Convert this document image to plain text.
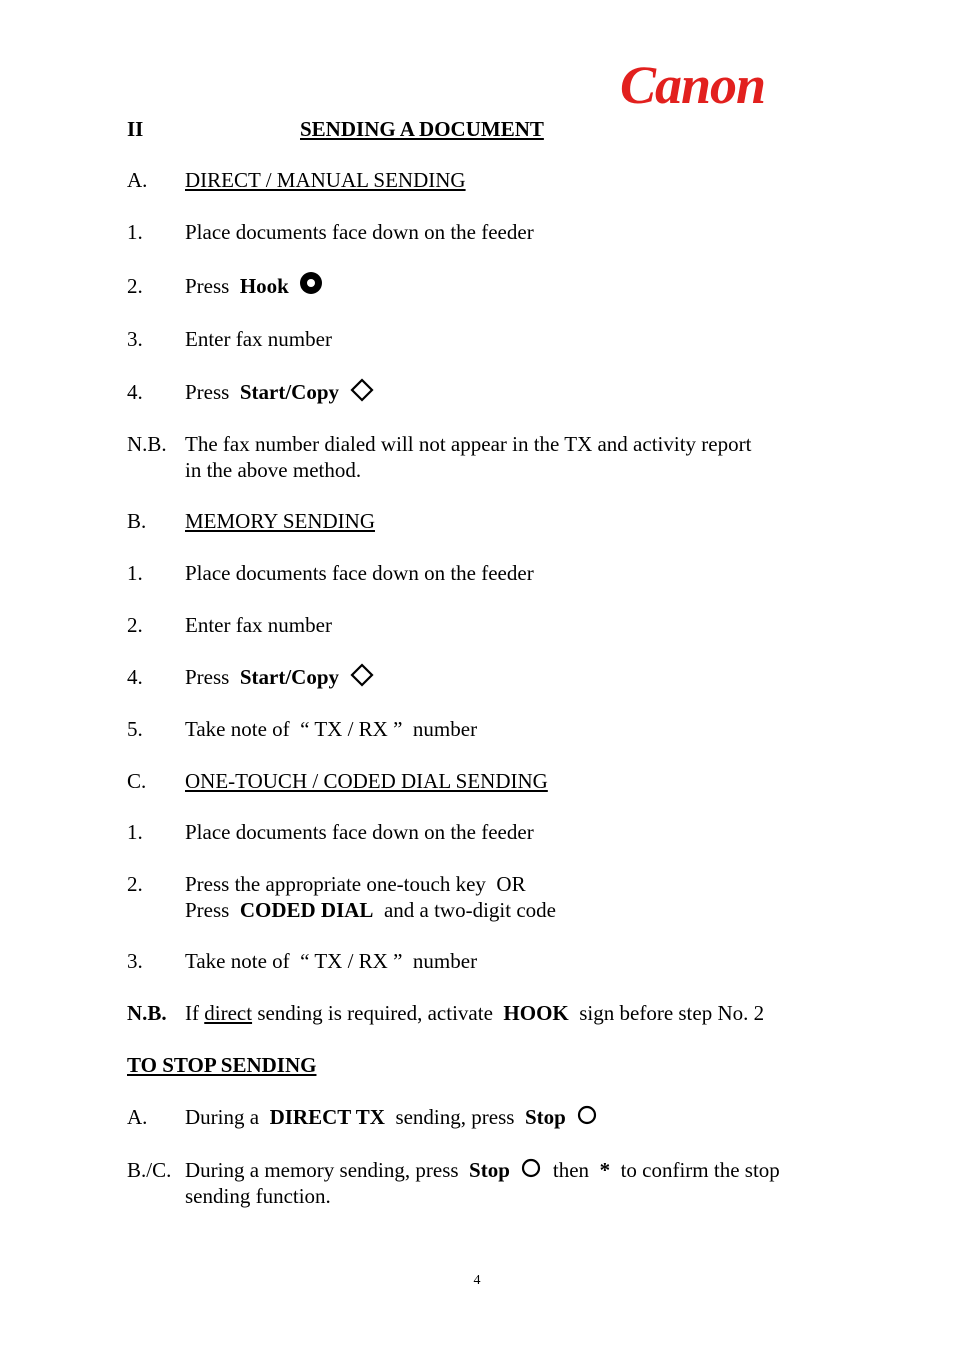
Canon
II	SENDING A DOCUMENT
A. DIRECT / MANUAL SENDING
1. Place documents face down on the feeder
2. Press Hook
3. Enter fax number
4. Press Start/Copy
N.B. The fax number dialed will not appear in the TX and activity report
in the above method.
B. MEMORY SENDING
1. Place documents face down on the feeder
2. Enter fax number
4. Press Start/Copy
5. Take note of  “ TX / RX ”  number
C. ONE-TOUCH / CODED DIAL SENDING
1. Place documents face down on the feeder
2. Press the appropriate one-touch key  OR
Press CODED DIAL and a two-digit code
3. Take note of  “ TX / RX ”  number
N.B. If direct sending is required, activate HOOK sign before step No. 2
TO STOP SENDING
A. During a DIRECT TX sending, press Stop
B./C. During a memory sending, press Stop then * to confirm the stop
sending function.
4
